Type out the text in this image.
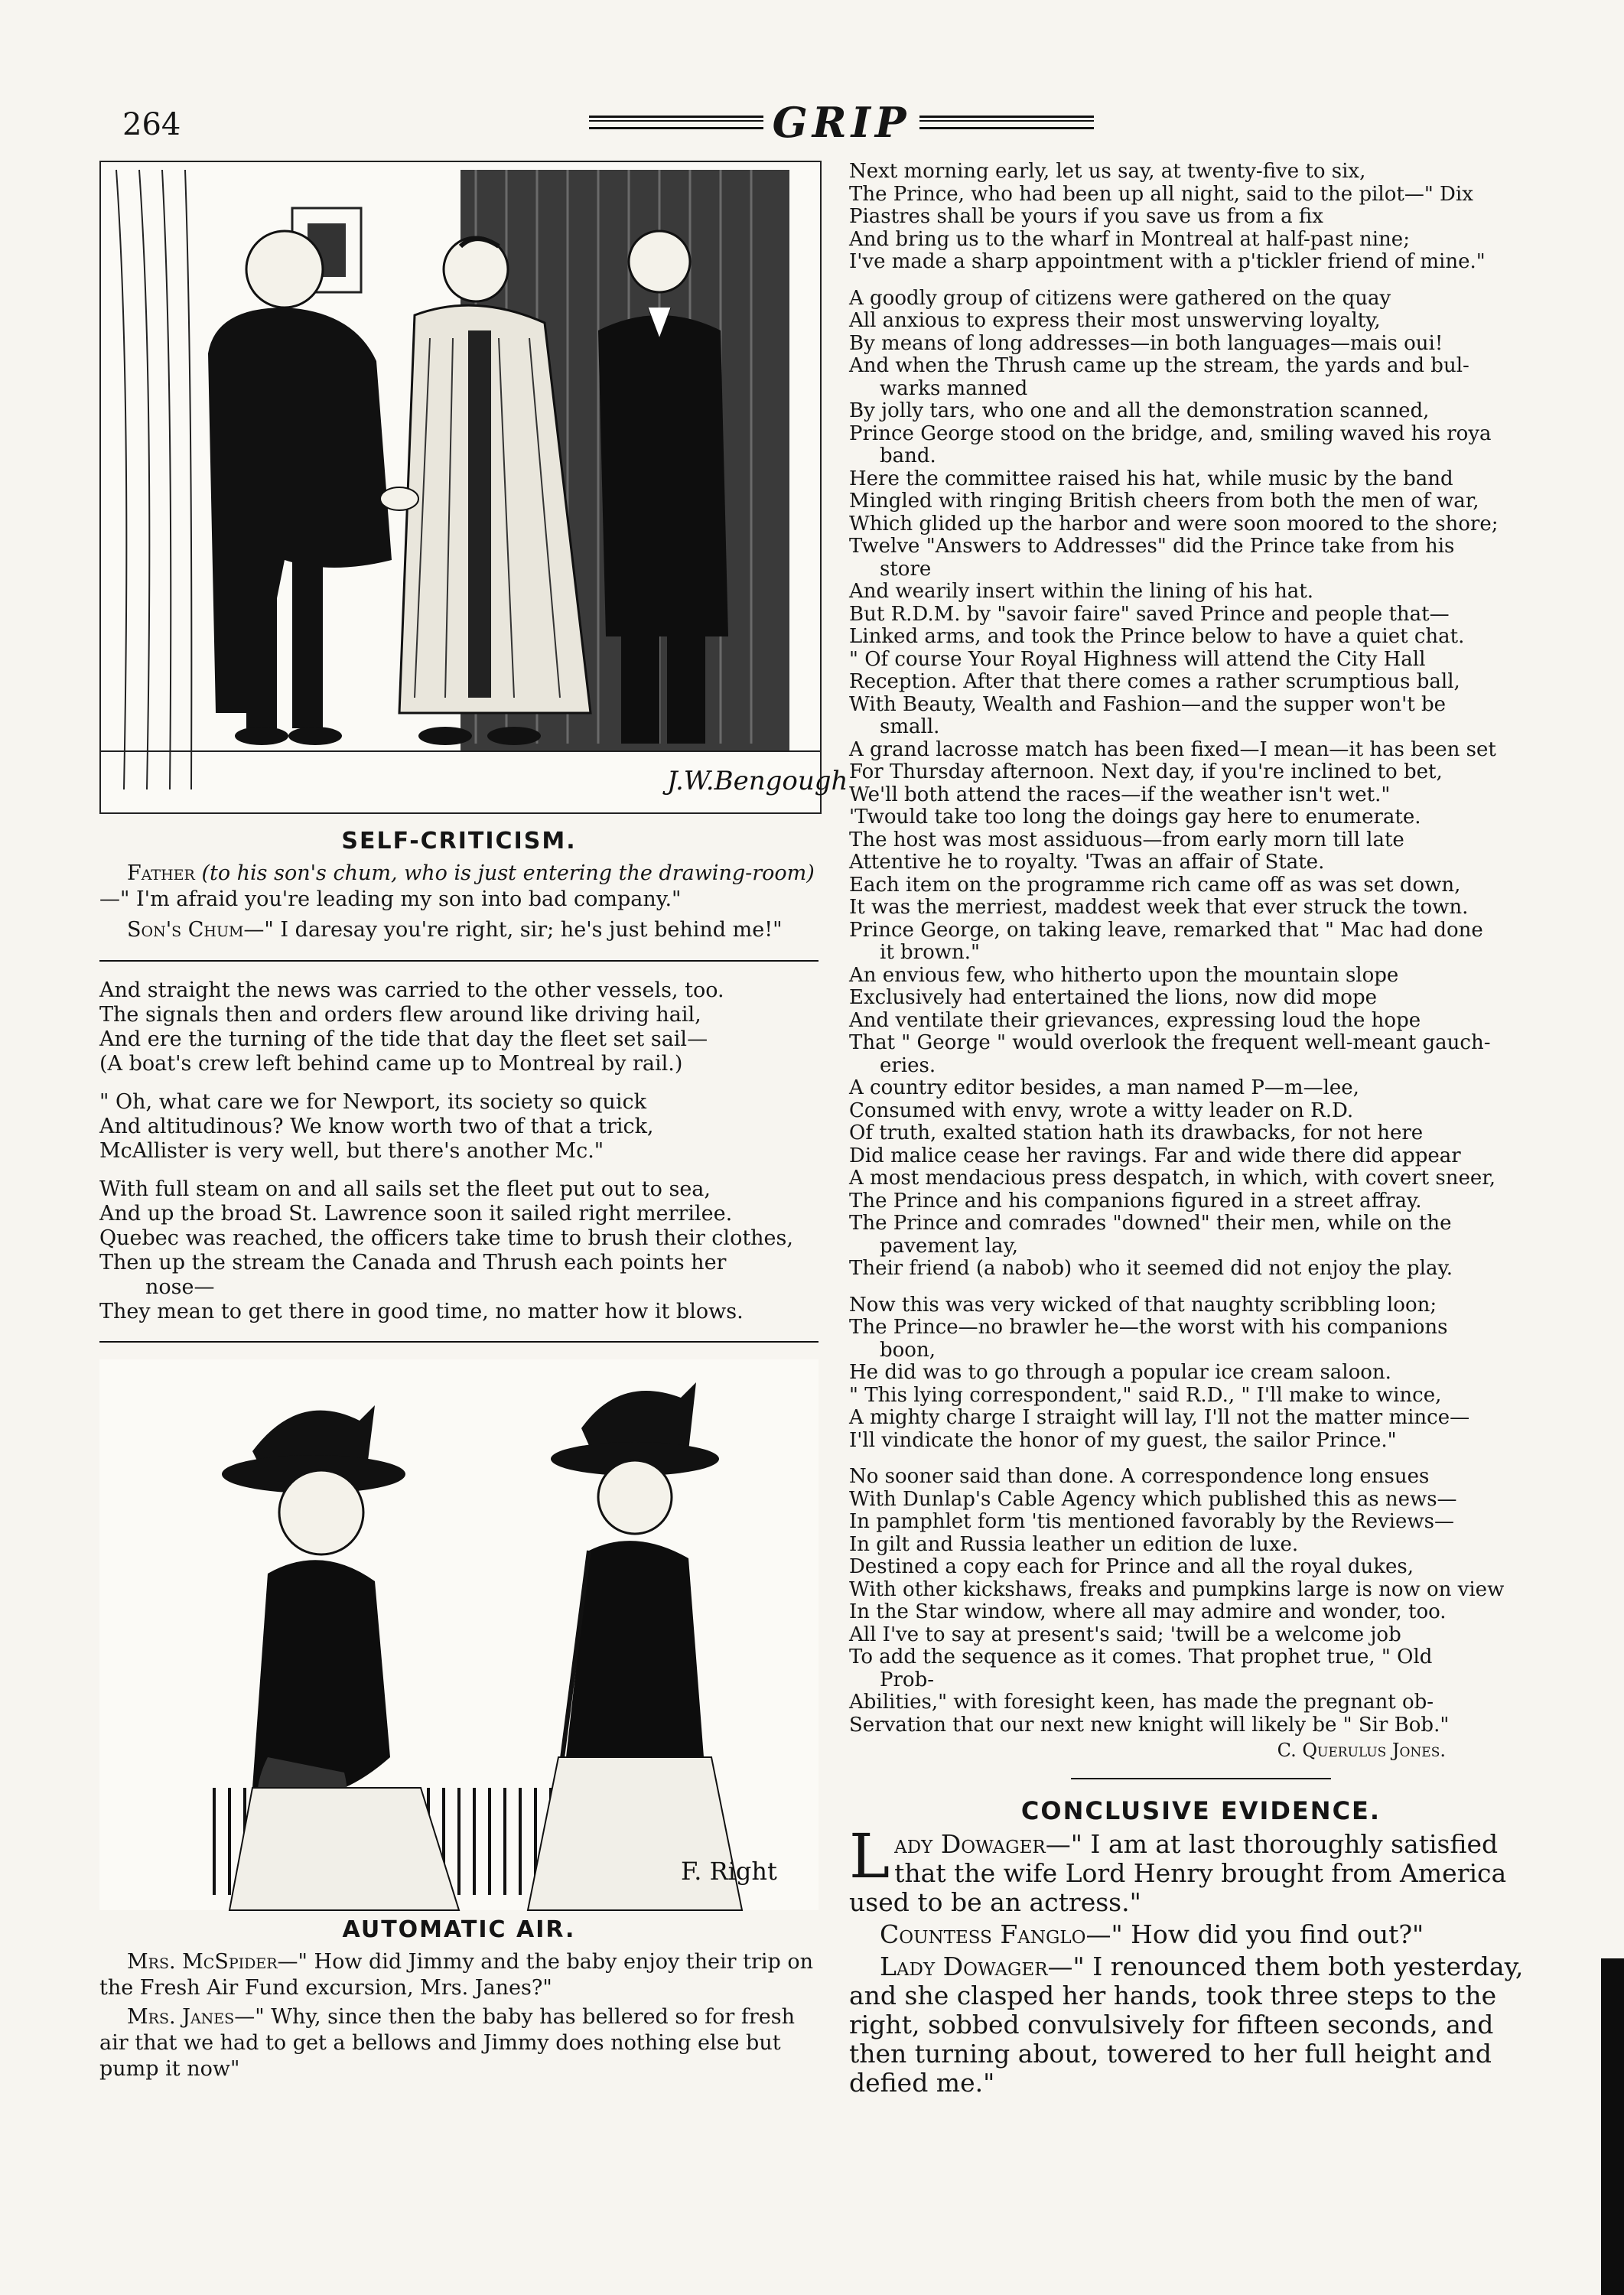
264	GRIP
J.W.Bengough
SELF-CRITICISM.

Father (to his son's chum, who is just entering the drawing-room)—" I'm afraid you're leading my son into bad company."

Son's Chum—" I daresay you're right, sir; he's just behind me!"

And straight the news was carried to the other vessels, too.
The signals then and orders flew around like driving hail,
And ere the turning of the tide that day the fleet set sail—
(A boat's crew left behind came up to Montreal by rail.)
" Oh, what care we for Newport, its society so quick
And altitudinous? We know worth two of that a trick,
McAllister is very well, but there's another Mc."
With full steam on and all sails set the fleet put out to sea,
And up the broad St. Lawrence soon it sailed right merrilee.
Quebec was reached, the officers take time to brush their clothes,
Then up the stream the Canada and Thrush each points her
nose—
They mean to get there in good time, no matter how it blows.
F. Right
AUTOMATIC AIR.

Mrs. McSpider—" How did Jimmy and the baby enjoy their trip on the Fresh Air Fund excursion, Mrs. Janes?"

Mrs. Janes—" Why, since then the baby has bellered so for fresh air that we had to get a bellows and Jimmy does nothing else but pump it now"

Next morning early, let us say, at twenty-five to six,
The Prince, who had been up all night, said to the pilot—" Dix
Piastres shall be yours if you save us from a fix
And bring us to the wharf in Montreal at half-past nine;
I've made a sharp appointment with a p'tickler friend of mine."
A goodly group of citizens were gathered on the quay
All anxious to express their most unswerving loyalty,
By means of long addresses—in both languages—mais oui!
And when the Thrush came up the stream, the yards and bul-
warks manned
By jolly tars, who one and all the demonstration scanned,
Prince George stood on the bridge, and, smiling waved his roya
band.
Here the committee raised his hat, while music by the band
Mingled with ringing British cheers from both the men of war,
Which glided up the harbor and were soon moored to the shore;
Twelve "Answers to Addresses" did the Prince take from his
store
And wearily insert within the lining of his hat.
But R.D.M. by "savoir faire" saved Prince and people that—
Linked arms, and took the Prince below to have a quiet chat.
" Of course Your Royal Highness will attend the City Hall
Reception. After that there comes a rather scrumptious ball,
With Beauty, Wealth and Fashion—and the supper won't be
small.
A grand lacrosse match has been fixed—I mean—it has been set
For Thursday afternoon. Next day, if you're inclined to bet,
We'll both attend the races—if the weather isn't wet."
'Twould take too long the doings gay here to enumerate.
The host was most assiduous—from early morn till late
Attentive he to royalty. 'Twas an affair of State.
Each item on the programme rich came off as was set down,
It was the merriest, maddest week that ever struck the town.
Prince George, on taking leave, remarked that " Mac had done
it brown."
An envious few, who hitherto upon the mountain slope
Exclusively had entertained the lions, now did mope
And ventilate their grievances, expressing loud the hope
That " George " would overlook the frequent well-meant gauch-
eries.
A country editor besides, a man named P—m—lee,
Consumed with envy, wrote a witty leader on R.D.
Of truth, exalted station hath its drawbacks, for not here
Did malice cease her ravings. Far and wide there did appear
A most mendacious press despatch, in which, with covert sneer,
The Prince and his companions figured in a street affray.
The Prince and comrades "downed" their men, while on the
pavement lay,
Their friend (a nabob) who it seemed did not enjoy the play.
Now this was very wicked of that naughty scribbling loon;
The Prince—no brawler he—the worst with his companions
boon,
He did was to go through a popular ice cream saloon.
" This lying correspondent," said R.D., " I'll make to wince,
A mighty charge I straight will lay, I'll not the matter mince—
I'll vindicate the honor of my guest, the sailor Prince."
No sooner said than done. A correspondence long ensues
With Dunlap's Cable Agency which published this as news—
In pamphlet form 'tis mentioned favorably by the Reviews—
In gilt and Russia leather un edition de luxe.
Destined a copy each for Prince and all the royal dukes,
With other kickshaws, freaks and pumpkins large is now on view
In the Star window, where all may admire and wonder, too.
All I've to say at present's said; 'twill be a welcome job
To add the sequence as it comes. That prophet true, " Old
Prob-
Abilities," with foresight keen, has made the pregnant ob-
Servation that our next new knight will likely be " Sir Bob."
C. Querulus Jones.
CONCLUSIVE EVIDENCE.

L ady Dowager—" I am at last thoroughly satisfied that the wife Lord Henry brought from America used to be an actress."

Countess Fanglo—" How did you find out?"

Lady Dowager—" I renounced them both yesterday, and she clasped her hands, took three steps to the right, sobbed convulsively for fifteen seconds, and then turning about, towered to her full height and defied me."
